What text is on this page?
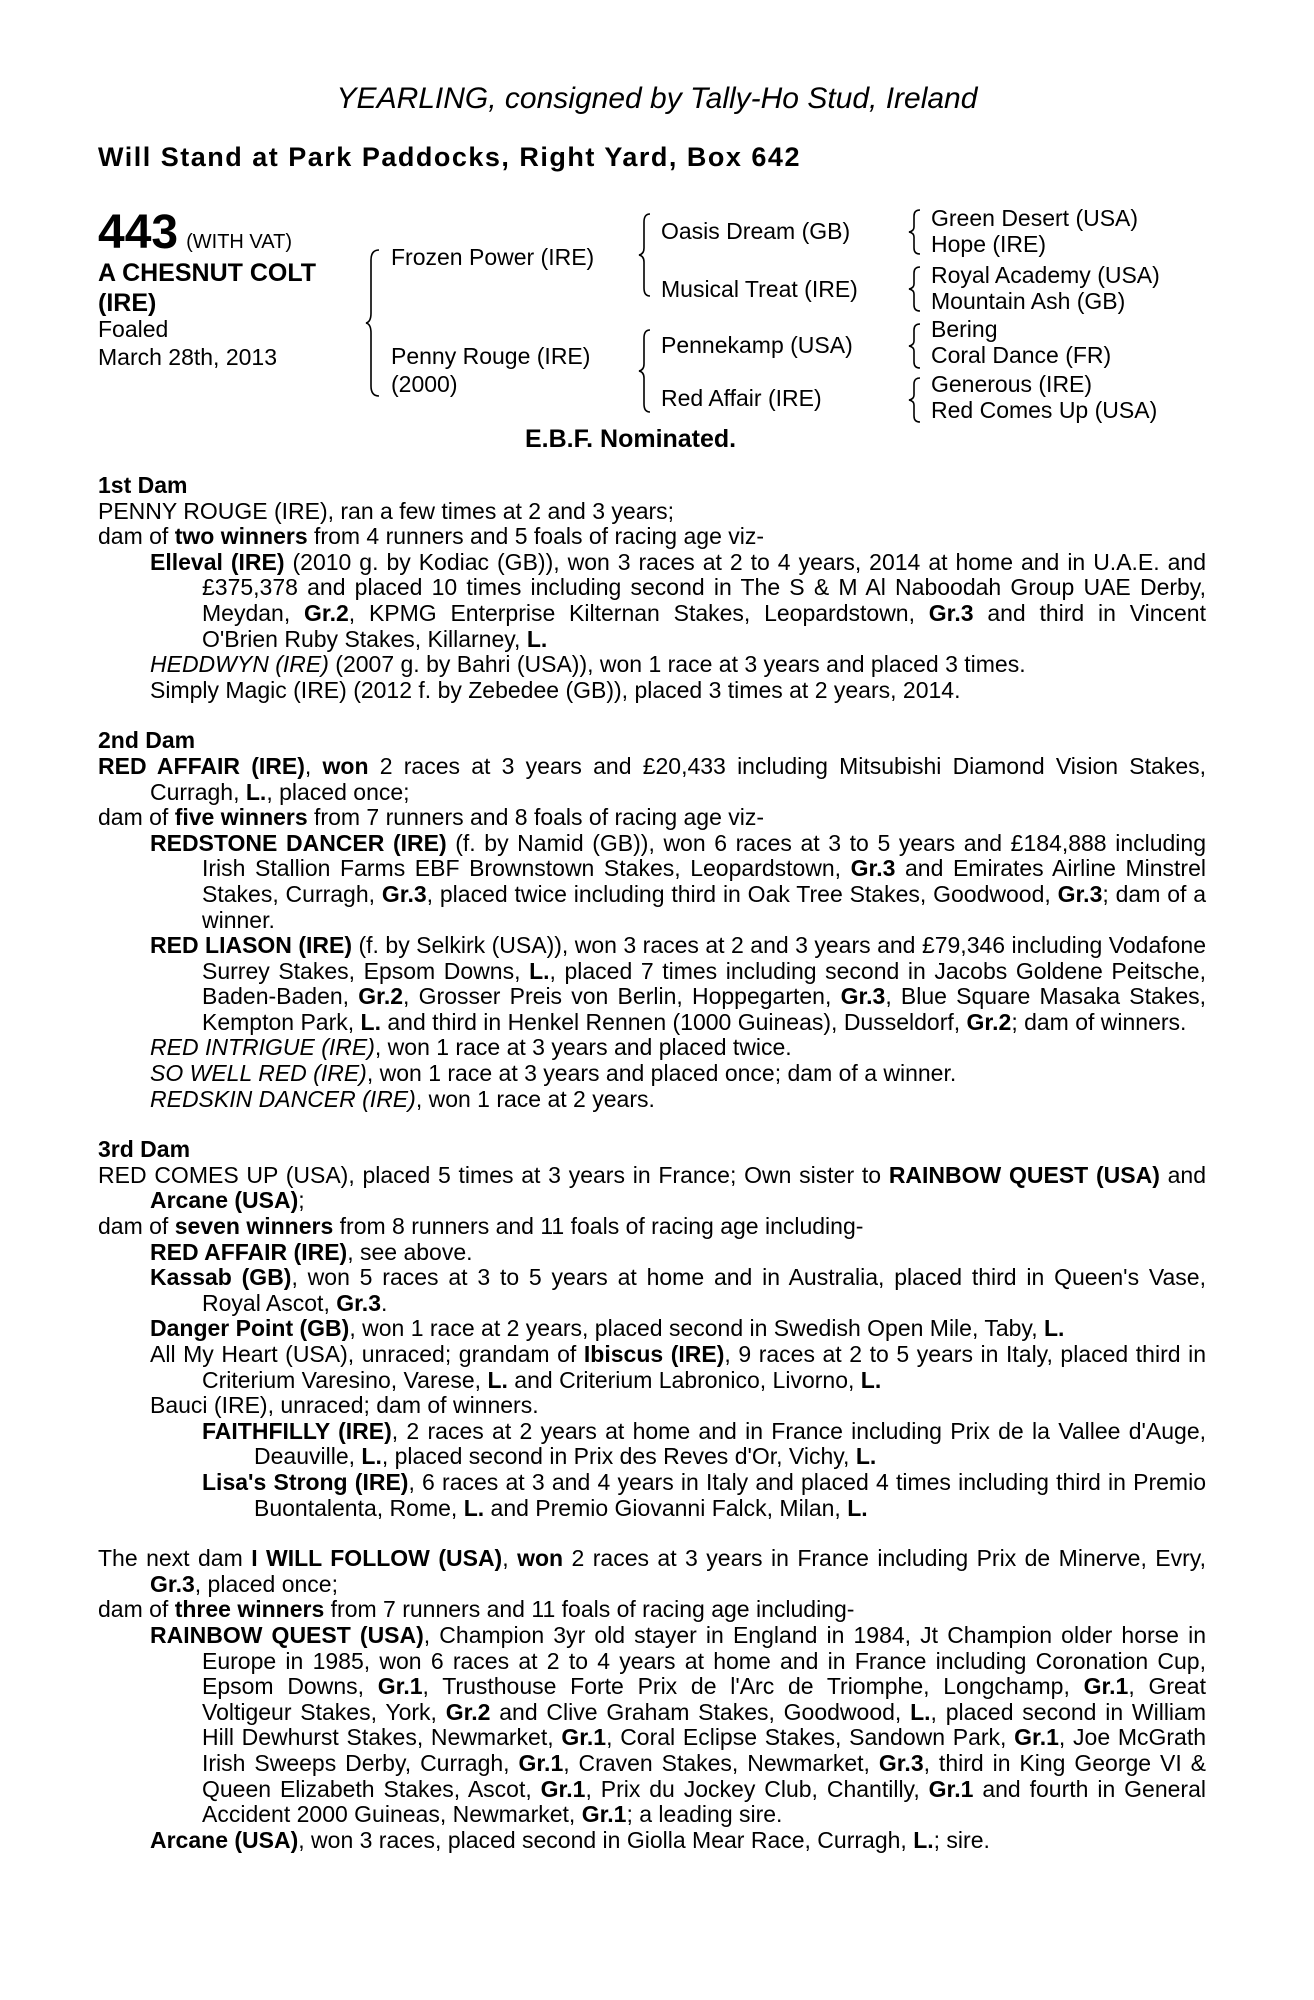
YEARLING, consigned by Tally-Ho Stud, Ireland
Will Stand at Park Paddocks, Right Yard, Box 642
443 (WITH VAT)
A CHESNUT COLT
(IRE)
Foaled
March 28th, 2013
Frozen Power (IRE)
Penny Rouge (IRE)
(2000)
Oasis Dream (GB)
Musical Treat (IRE)
Pennekamp (USA)
Red Affair (IRE)
Green Desert (USA)
Hope (IRE)
Royal Academy (USA)
Mountain Ash (GB)
Bering
Coral Dance (FR)
Generous (IRE)
Red Comes Up (USA)
E.B.F. Nominated.
1st Dam

PENNY ROUGE (IRE), ran a few times at 2 and 3 years;

dam of two winners from 4 runners and 5 foals of racing age viz-

Elleval (IRE) (2010 g. by Kodiac (GB)), won 3 races at 2 to 4 years, 2014 at home and in U.A.E. and £375,378 and placed 10 times including second in The S & M Al Naboodah Group UAE Derby, Meydan, Gr.2, KPMG Enterprise Kilternan Stakes, Leopardstown, Gr.3 and third in Vincent O'Brien Ruby Stakes, Killarney, L.

HEDDWYN (IRE) (2007 g. by Bahri (USA)), won 1 race at 3 years and placed 3 times.

Simply Magic (IRE) (2012 f. by Zebedee (GB)), placed 3 times at 2 years, 2014.

2nd Dam

RED AFFAIR (IRE), won 2 races at 3 years and £20,433 including Mitsubishi Diamond Vision Stakes, Curragh, L., placed once;

dam of five winners from 7 runners and 8 foals of racing age viz-

REDSTONE DANCER (IRE) (f. by Namid (GB)), won 6 races at 3 to 5 years and £184,888 including Irish Stallion Farms EBF Brownstown Stakes, Leopardstown, Gr.3 and Emirates Airline Minstrel Stakes, Curragh, Gr.3, placed twice including third in Oak Tree Stakes, Goodwood, Gr.3; dam of a winner.

RED LIASON (IRE) (f. by Selkirk (USA)), won 3 races at 2 and 3 years and £79,346 including Vodafone Surrey Stakes, Epsom Downs, L., placed 7 times including second in Jacobs Goldene Peitsche, Baden-Baden, Gr.2, Grosser Preis von Berlin, Hoppegarten, Gr.3, Blue Square Masaka Stakes, Kempton Park, L. and third in Henkel Rennen (1000 Guineas), Dusseldorf, Gr.2; dam of winners.

RED INTRIGUE (IRE), won 1 race at 3 years and placed twice.

SO WELL RED (IRE), won 1 race at 3 years and placed once; dam of a winner.

REDSKIN DANCER (IRE), won 1 race at 2 years.

3rd Dam

RED COMES UP (USA), placed 5 times at 3 years in France; Own sister to RAINBOW QUEST (USA) and Arcane (USA);

dam of seven winners from 8 runners and 11 foals of racing age including-

RED AFFAIR (IRE), see above.

Kassab (GB), won 5 races at 3 to 5 years at home and in Australia, placed third in Queen's Vase, Royal Ascot, Gr.3.

Danger Point (GB), won 1 race at 2 years, placed second in Swedish Open Mile, Taby, L.

All My Heart (USA), unraced; grandam of Ibiscus (IRE), 9 races at 2 to 5 years in Italy, placed third in Criterium Varesino, Varese, L. and Criterium Labronico, Livorno, L.

Bauci (IRE), unraced; dam of winners.

FAITHFILLY (IRE), 2 races at 2 years at home and in France including Prix de la Vallee d'Auge, Deauville, L., placed second in Prix des Reves d'Or, Vichy, L.

Lisa's Strong (IRE), 6 races at 3 and 4 years in Italy and placed 4 times including third in Premio Buontalenta, Rome, L. and Premio Giovanni Falck, Milan, L.

The next dam I WILL FOLLOW (USA), won 2 races at 3 years in France including Prix de Minerve, Evry, Gr.3, placed once;

dam of three winners from 7 runners and 11 foals of racing age including-

RAINBOW QUEST (USA), Champion 3yr old stayer in England in 1984, Jt Champion older horse in Europe in 1985, won 6 races at 2 to 4 years at home and in France including Coronation Cup, Epsom Downs, Gr.1, Trusthouse Forte Prix de l'Arc de Triomphe, Longchamp, Gr.1, Great Voltigeur Stakes, York, Gr.2 and Clive Graham Stakes, Goodwood, L., placed second in William Hill Dewhurst Stakes, Newmarket, Gr.1, Coral Eclipse Stakes, Sandown Park, Gr.1, Joe McGrath Irish Sweeps Derby, Curragh, Gr.1, Craven Stakes, Newmarket, Gr.3, third in King George VI & Queen Elizabeth Stakes, Ascot, Gr.1, Prix du Jockey Club, Chantilly, Gr.1 and fourth in General Accident 2000 Guineas, Newmarket, Gr.1; a leading sire.

Arcane (USA), won 3 races, placed second in Giolla Mear Race, Curragh, L.; sire.
